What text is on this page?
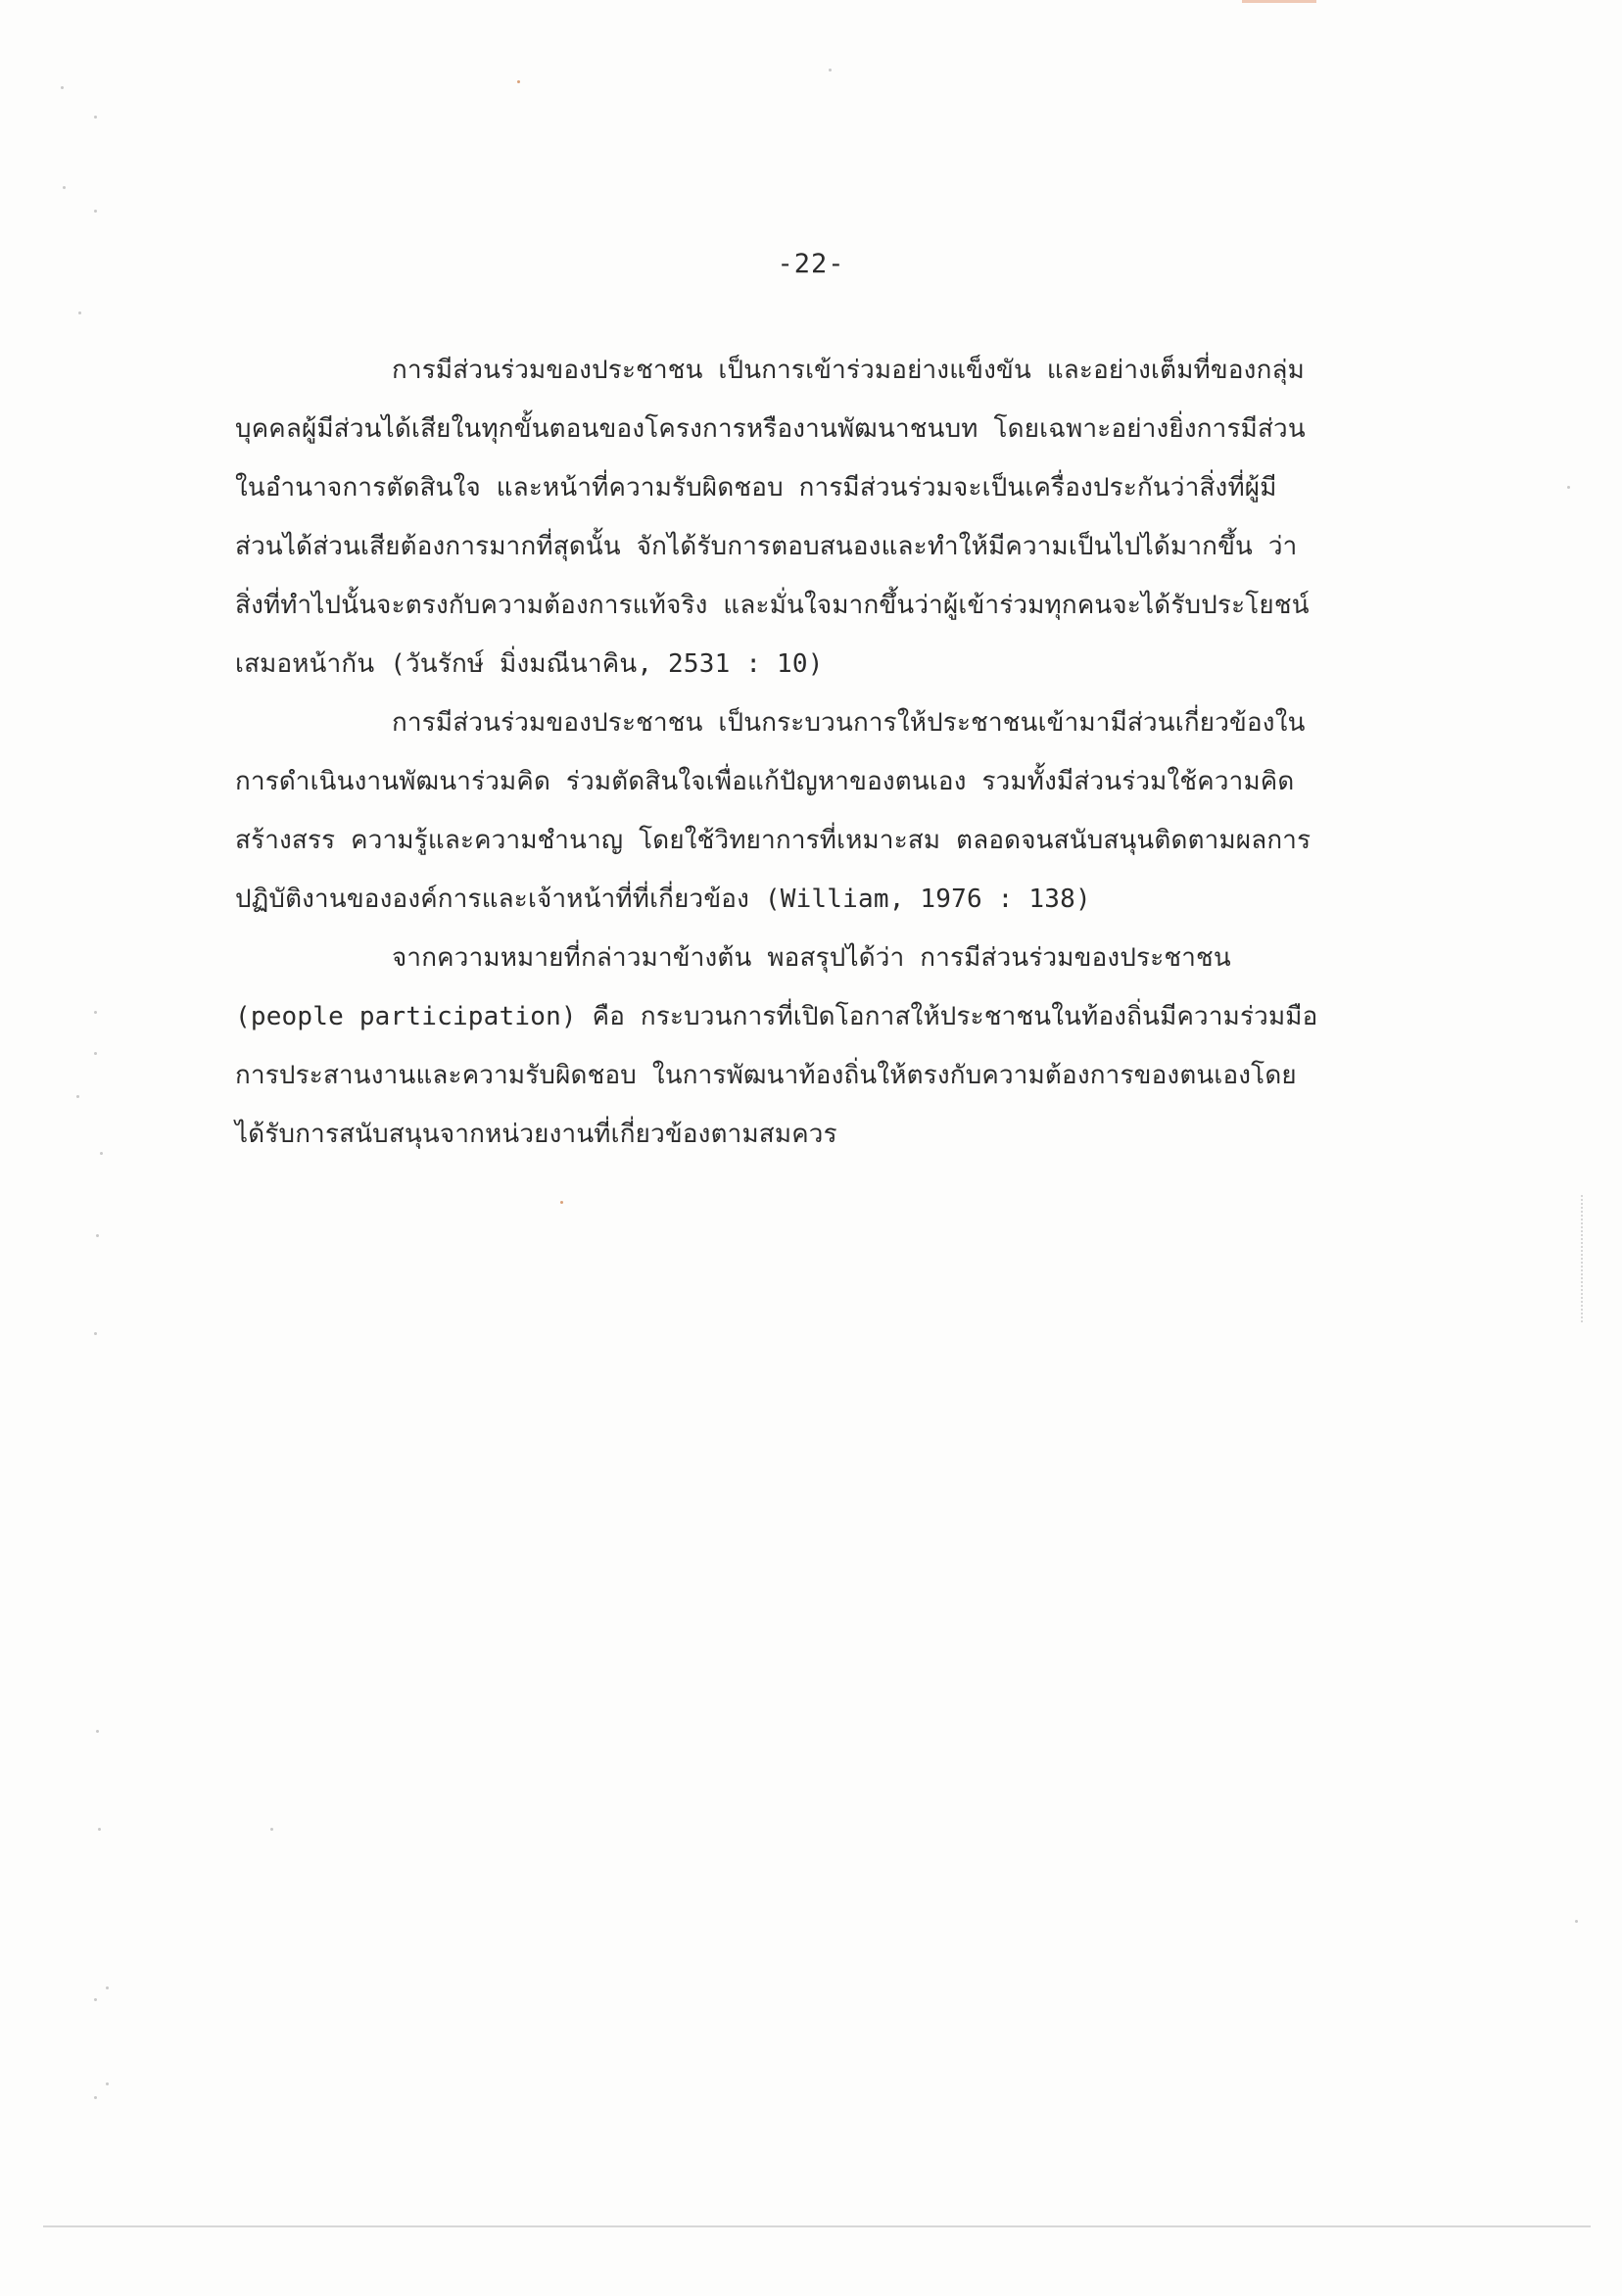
-22-
การมีส่วนร่วมของประชาชน เป็นการเข้าร่วมอย่างแข็งขัน และอย่างเต็มที่ของกลุ่ม
บุคคลผู้มีส่วนได้เสียในทุกขั้นตอนของโครงการหรืองานพัฒนาชนบท โดยเฉพาะอย่างยิ่งการมีส่วน
ในอำนาจการตัดสินใจ และหน้าที่ความรับผิดชอบ การมีส่วนร่วมจะเป็นเครื่องประกันว่าสิ่งที่ผู้มี
ส่วนได้ส่วนเสียต้องการมากที่สุดนั้น จักได้รับการตอบสนองและทำให้มีความเป็นไปได้มากขึ้น ว่า
สิ่งที่ทำไปนั้นจะตรงกับความต้องการแท้จริง และมั่นใจมากขึ้นว่าผู้เข้าร่วมทุกคนจะได้รับประโยชน์
เสมอหน้ากัน (วันรักษ์ มิ่งมณีนาคิน, 2531 : 10)
การมีส่วนร่วมของประชาชน เป็นกระบวนการให้ประชาชนเข้ามามีส่วนเกี่ยวข้องใน
การดำเนินงานพัฒนาร่วมคิด ร่วมตัดสินใจเพื่อแก้ปัญหาของตนเอง รวมทั้งมีส่วนร่วมใช้ความคิด
สร้างสรร ความรู้และความชำนาญ โดยใช้วิทยาการที่เหมาะสม ตลอดจนสนับสนุนติดตามผลการ
ปฏิบัติงานขององค์การและเจ้าหน้าที่ที่เกี่ยวข้อง (William, 1976 : 138)
จากความหมายที่กล่าวมาข้างต้น พอสรุปได้ว่า การมีส่วนร่วมของประชาชน
(people participation) คือ กระบวนการที่เปิดโอกาสให้ประชาชนในท้องถิ่นมีความร่วมมือ
การประสานงานและความรับผิดชอบ ในการพัฒนาท้องถิ่นให้ตรงกับความต้องการของตนเองโดย
ได้รับการสนับสนุนจากหน่วยงานที่เกี่ยวข้องตามสมควร
